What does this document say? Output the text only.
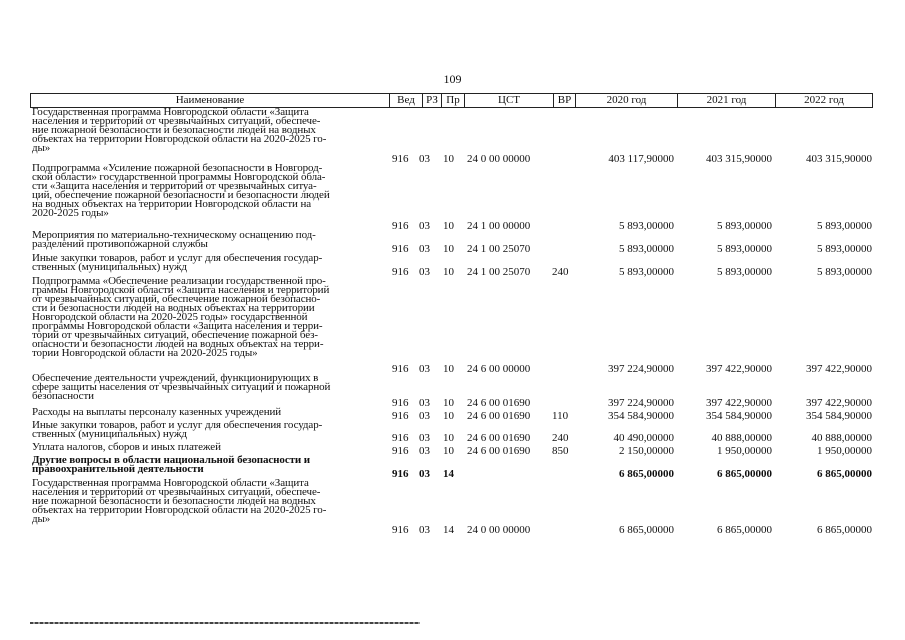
109
Наименование	Вед	РЗ Пр	ЦСТ	ВР	2020 год	2021 год	2022 год
Государственная программа Новгородской области «Защита
населения и территорий от чрезвычайных ситуаций, обеспече-
ние пожарной безопасности и безопасности людей на водных
объектах на территории Новгородской области на 2020-2025 го-
ды»
916 03 10 24 0 00 00000	403 117,90000	403 315,90000	403 315,90000
Подпрограмма «Усиление пожарной безопасности в Новгород-
ской области» государственной программы Новгородской обла-
сти «Защита населения и территорий от чрезвычайных ситуа-
ций, обеспечение пожарной безопасности и безопасности людей
на водных объектах на территории Новгородской области на
2020-2025 годы»
916 03 10 24 1 00 00000	5 893,00000	5 893,00000	5 893,00000
Мероприятия по материально-техническому оснащению под-
разделений противопожарной службы	916 03 10 24 1 00 25070	5 893,00000	5 893,00000	5 893,00000
Иные закупки товаров, работ и услуг для обеспечения государ-
ственных (муниципальных) нужд	916 03 10 24 1 00 25070	240	5 893,00000	5 893,00000	5 893,00000
Подпрограмма «Обеспечение реализации государственной про-
граммы Новгородской области «Защита населения и территорий
от чрезвычайных ситуаций, обеспечение пожарной безопасно-
сти и безопасности людей на водных объектах на территории
Новгородской области на 2020-2025 годы» государственной
программы Новгородской области «Защита населения и терри-
торий от чрезвычайных ситуаций, обеспечение пожарной без-
опасности и безопасности людей на водных объектах на терри-
тории Новгородской области на 2020-2025 годы»
916 03 10 24 6 00 00000	397 224,90000	397 422,90000	397 422,90000
Обеспечение деятельности учреждений, функционирующих в
сфере защиты населения от чрезвычайных ситуаций и пожарной
безопасности
916 03 10 24 6 00 01690	397 224,90000	397 422,90000	397 422,90000
Расходы на выплаты персоналу казенных учреждений	916 03 10 24 6 00 01690	110	354 584,90000	354 584,90000	354 584,90000
Иные закупки товаров, работ и услуг для обеспечения государ-
ственных (муниципальных) нужд	916 03 10 24 6 00 01690	240	40 490,00000	40 888,00000	40 888,00000
Уплата налогов, сборов и иных платежей	916 03 10 24 6 00 01690	850	2 150,00000	1 950,00000	1 950,00000
Другие вопросы в области национальной безопасности и
правоохранительной деятельности	916 03 14	6 865,00000	6 865,00000	6 865,00000
Государственная программа Новгородской области «Защита
населения и территорий от чрезвычайных ситуаций, обеспече-
ние пожарной безопасности и безопасности людей на водных
объектах на территории Новгородской области на 2020-2025 го-
ды»
916 03 14 24 0 00 00000	6 865,00000	6 865,00000	6 865,00000
